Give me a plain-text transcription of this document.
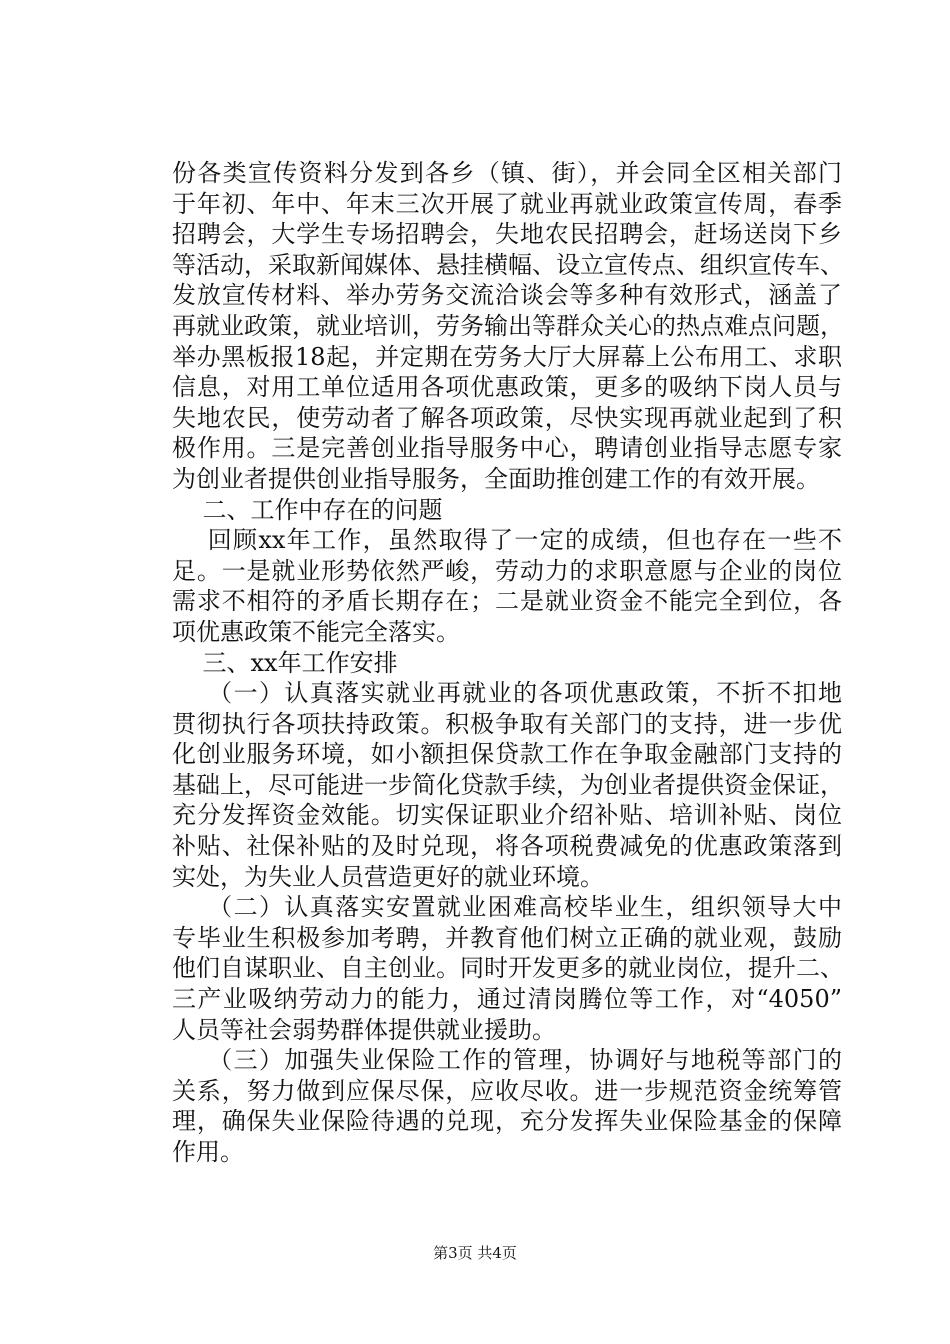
份各类宣传资料分发到各乡（镇、街），并会同全区相关部门
于年初、年中、年末三次开展了就业再就业政策宣传周，春季
招聘会，大学生专场招聘会，失地农民招聘会，赶场送岗下乡
等活动，采取新闻媒体、悬挂横幅、设立宣传点、组织宣传车、
发放宣传材料、举办劳务交流洽谈会等多种有效形式，涵盖了
再就业政策，就业培训，劳务输出等群众关心的热点难点问题，
举办黑板报18起，并定期在劳务大厅大屏幕上公布用工、求职
信息，对用工单位适用各项优惠政策，更多的吸纳下岗人员与
失地农民，使劳动者了解各项政策，尽快实现再就业起到了积
极作用。三是完善创业指导服务中心，聘请创业指导志愿专家
为创业者提供创业指导服务，全面助推创建工作的有效开展。
二、工作中存在的问题
回顾xx年工作，虽然取得了一定的成绩，但也存在一些不
足。一是就业形势依然严峻，劳动力的求职意愿与企业的岗位
需求不相符的矛盾长期存在；二是就业资金不能完全到位，各
项优惠政策不能完全落实。
三、xx年工作安排
（一）认真落实就业再就业的各项优惠政策，不折不扣地
贯彻执行各项扶持政策。积极争取有关部门的支持，进一步优
化创业服务环境，如小额担保贷款工作在争取金融部门支持的
基础上，尽可能进一步简化贷款手续，为创业者提供资金保证，
充分发挥资金效能。切实保证职业介绍补贴、培训补贴、岗位
补贴、社保补贴的及时兑现，将各项税费减免的优惠政策落到
实处，为失业人员营造更好的就业环境。
（二）认真落实安置就业困难高校毕业生，组织领导大中
专毕业生积极参加考聘，并教育他们树立正确的就业观，鼓励
他们自谋职业、自主创业。同时开发更多的就业岗位，提升二、
三产业吸纳劳动力的能力，通过清岗腾位等工作，对“4050”
人员等社会弱势群体提供就业援助。
（三）加强失业保险工作的管理，协调好与地税等部门的
关系，努力做到应保尽保，应收尽收。进一步规范资金统筹管
理，确保失业保险待遇的兑现，充分发挥失业保险基金的保障
作用。
第3页 共4页
